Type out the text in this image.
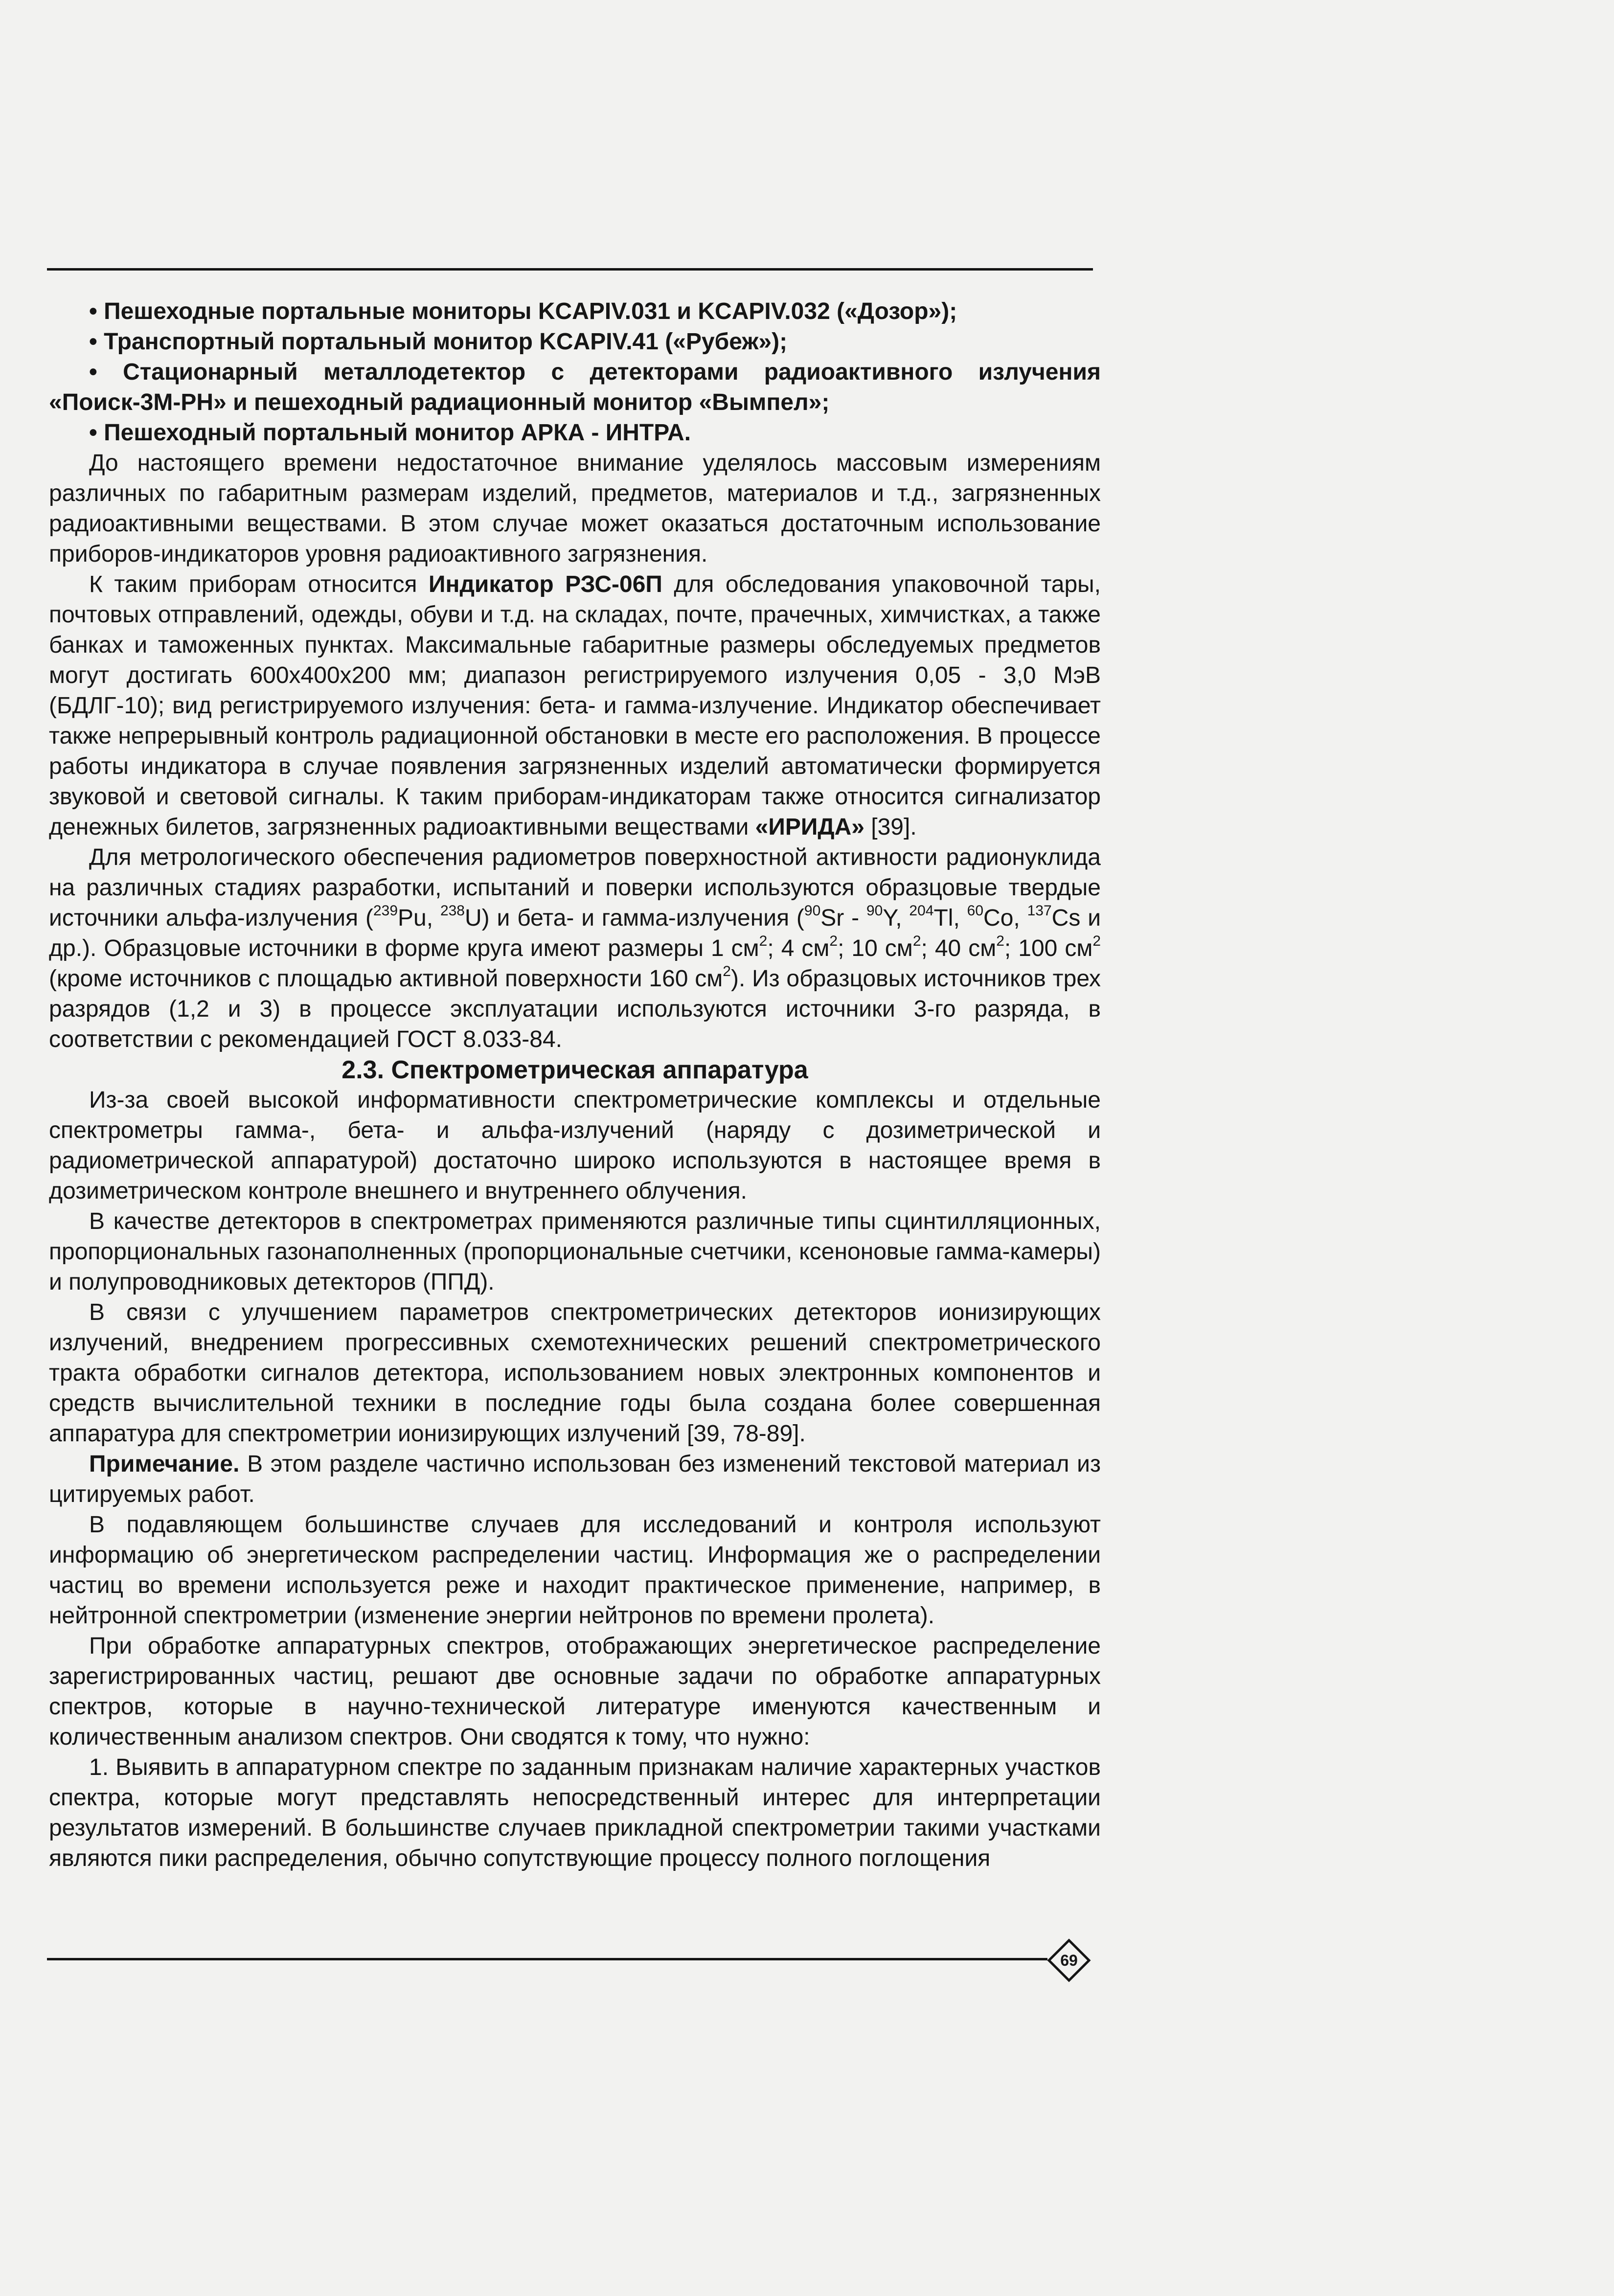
• Пешеходные портальные мониторы KCAPIV.031 и KCAPIV.032 («Дозор»);

• Транспортный портальный монитор KCAPIV.41 («Рубеж»);

• Стационарный металлодетектор с детекторами радиоактивного излучения «Поиск-3М-РН» и пешеходный радиационный монитор «Вымпел»;

• Пешеходный портальный монитор АРКА - ИНТРА.

До настоящего времени недостаточное внимание уделялось массовым измерениям различных по габаритным размерам изделий, предметов, материалов и т.д., загрязненных радиоактивными веществами. В этом случае может оказаться достаточным использование приборов-индикаторов уровня радиоактивного загрязнения.

К таким приборам относится Индикатор РЗС-06П для обследования упаковочной тары, почтовых отправлений, одежды, обуви и т.д. на складах, почте, прачечных, химчистках, а также банках и таможенных пунктах. Максимальные габаритные размеры обследуемых предметов могут достигать 600х400х200 мм; диапазон регистрируемого излучения 0,05 - 3,0 МэВ (БДЛГ-10); вид регистрируемого излучения: бета- и гамма-излучение. Индикатор обеспечивает также непрерывный контроль радиационной обстановки в месте его расположения. В процессе работы индикатора в случае появления загрязненных изделий автоматически формируется звуковой и световой сигналы. К таким приборам-индикаторам также относится сигнализатор денежных билетов, загрязненных радиоактивными веществами «ИРИДА» [39].

Для метрологического обеспечения радиометров поверхностной активности радионуклида на различных стадиях разработки, испытаний и поверки используются образцовые твердые источники альфа-излучения ($^{239}$Pu, $^{238}$U) и бета- и гамма-излучения ($^{90}$Sr - $^{90}$Y, $^{204}$Tl, $^{60}$Co, $^{137}$Cs и др.). Образцовые источники в форме круга имеют размеры 1 $см^2$; 4 $см^2$; 10 $см^2$; 40 $см^2$; 100 $см^2$ (кроме источников с площадью активной поверхности 160 $см^2$). Из образцовых источников трех разрядов (1,2 и 3) в процессе эксплуатации используются источники 3-го разряда, в соответствии с рекомендацией ГОСТ 8.033-84.

2.3. Спектрометрическая аппаратура

Из-за своей высокой информативности спектрометрические комплексы и отдельные спектрометры гамма-, бета- и альфа-излучений (наряду с дозиметрической и радиометрической аппаратурой) достаточно широко используются в настоящее время в дозиметрическом контроле внешнего и внутреннего облучения.

В качестве детекторов в спектрометрах применяются различные типы сцинтилляционных, пропорциональных газонаполненных (пропорциональные счетчики, ксеноновые гамма-камеры) и полупроводниковых детекторов (ППД).

В связи с улучшением параметров спектрометрических детекторов ионизирующих излучений, внедрением прогрессивных схемотехнических решений спектрометрического тракта обработки сигналов детектора, использованием новых электронных компонентов и средств вычислительной техники в последние годы была создана более совершенная аппаратура для спектрометрии ионизирующих излучений [39, 78-89].

Примечание. В этом разделе частично использован без изменений текстовой материал из цитируемых работ.

В подавляющем большинстве случаев для исследований и контроля используют информацию об энергетическом распределении частиц. Информация же о распределении частиц во времени используется реже и находит практическое применение, например, в нейтронной спектрометрии (изменение энергии нейтронов по времени пролета).

При обработке аппаратурных спектров, отображающих энергетическое распределение зарегистрированных частиц, решают две основные задачи по обработке аппаратурных спектров, которые в научно-технической литературе именуются качественным и количественным анализом спектров. Они сводятся к тому, что нужно:

1. Выявить в аппаратурном спектре по заданным признакам наличие характерных участков спектра, которые могут представлять непосредственный интерес для интерпретации результатов измерений. В большинстве случаев прикладной спектрометрии такими участками являются пики распределения, обычно сопутствующие процессу полного поглощения

69
